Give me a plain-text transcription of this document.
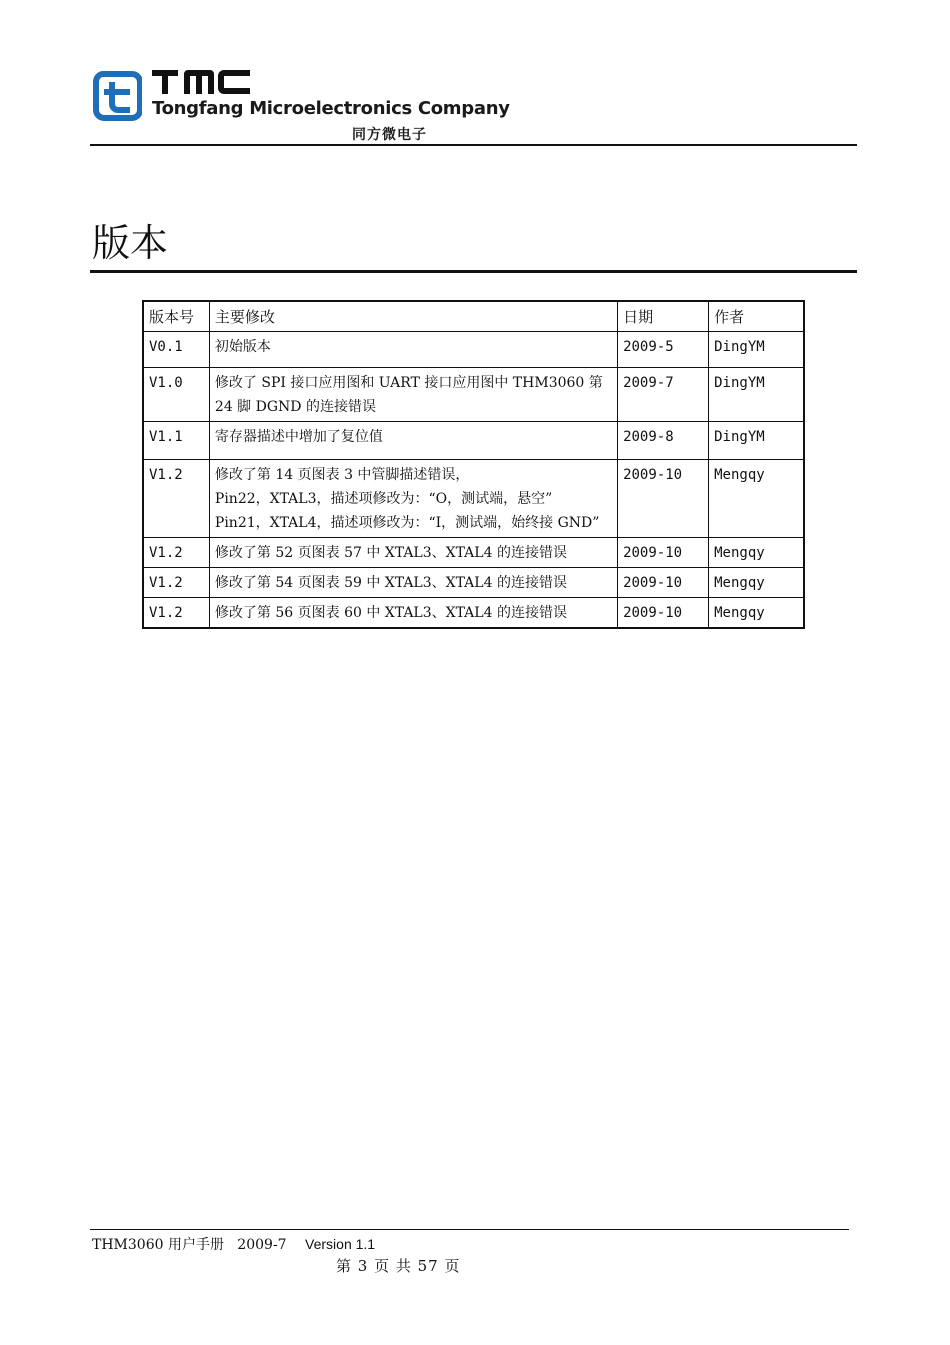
Tongfang Microelectronics Company
同方微电子
版本
版本号	主要修改	日期	作者
V0.1	初始版本	2009-5	DingYM
V1.0	修改了 SPI 接口应用图和 UART 接口应用图中 THM3060 第 24 脚 DGND 的连接错误	2009-7	DingYM
V1.1	寄存器描述中增加了复位值	2009-8	DingYM
V1.2	修改了第 14 页图表 3 中管脚描述错误，
Pin22，XTAL3，描述项修改为：“O，测试端，悬空”
Pin21，XTAL4，描述项修改为：“I，测试端，始终接 GND”	2009-10	Mengqy
V1.2	修改了第 52 页图表 57 中 XTAL3、XTAL4 的连接错误	2009-10	Mengqy
V1.2	修改了第 54 页图表 59 中 XTAL3、XTAL4 的连接错误	2009-10	Mengqy
V1.2	修改了第 56 页图表 60 中 XTAL3、XTAL4 的连接错误	2009-10	Mengqy
THM3060 用户手册   2009-7 Version 1.1
第 3 页 共 57 页
